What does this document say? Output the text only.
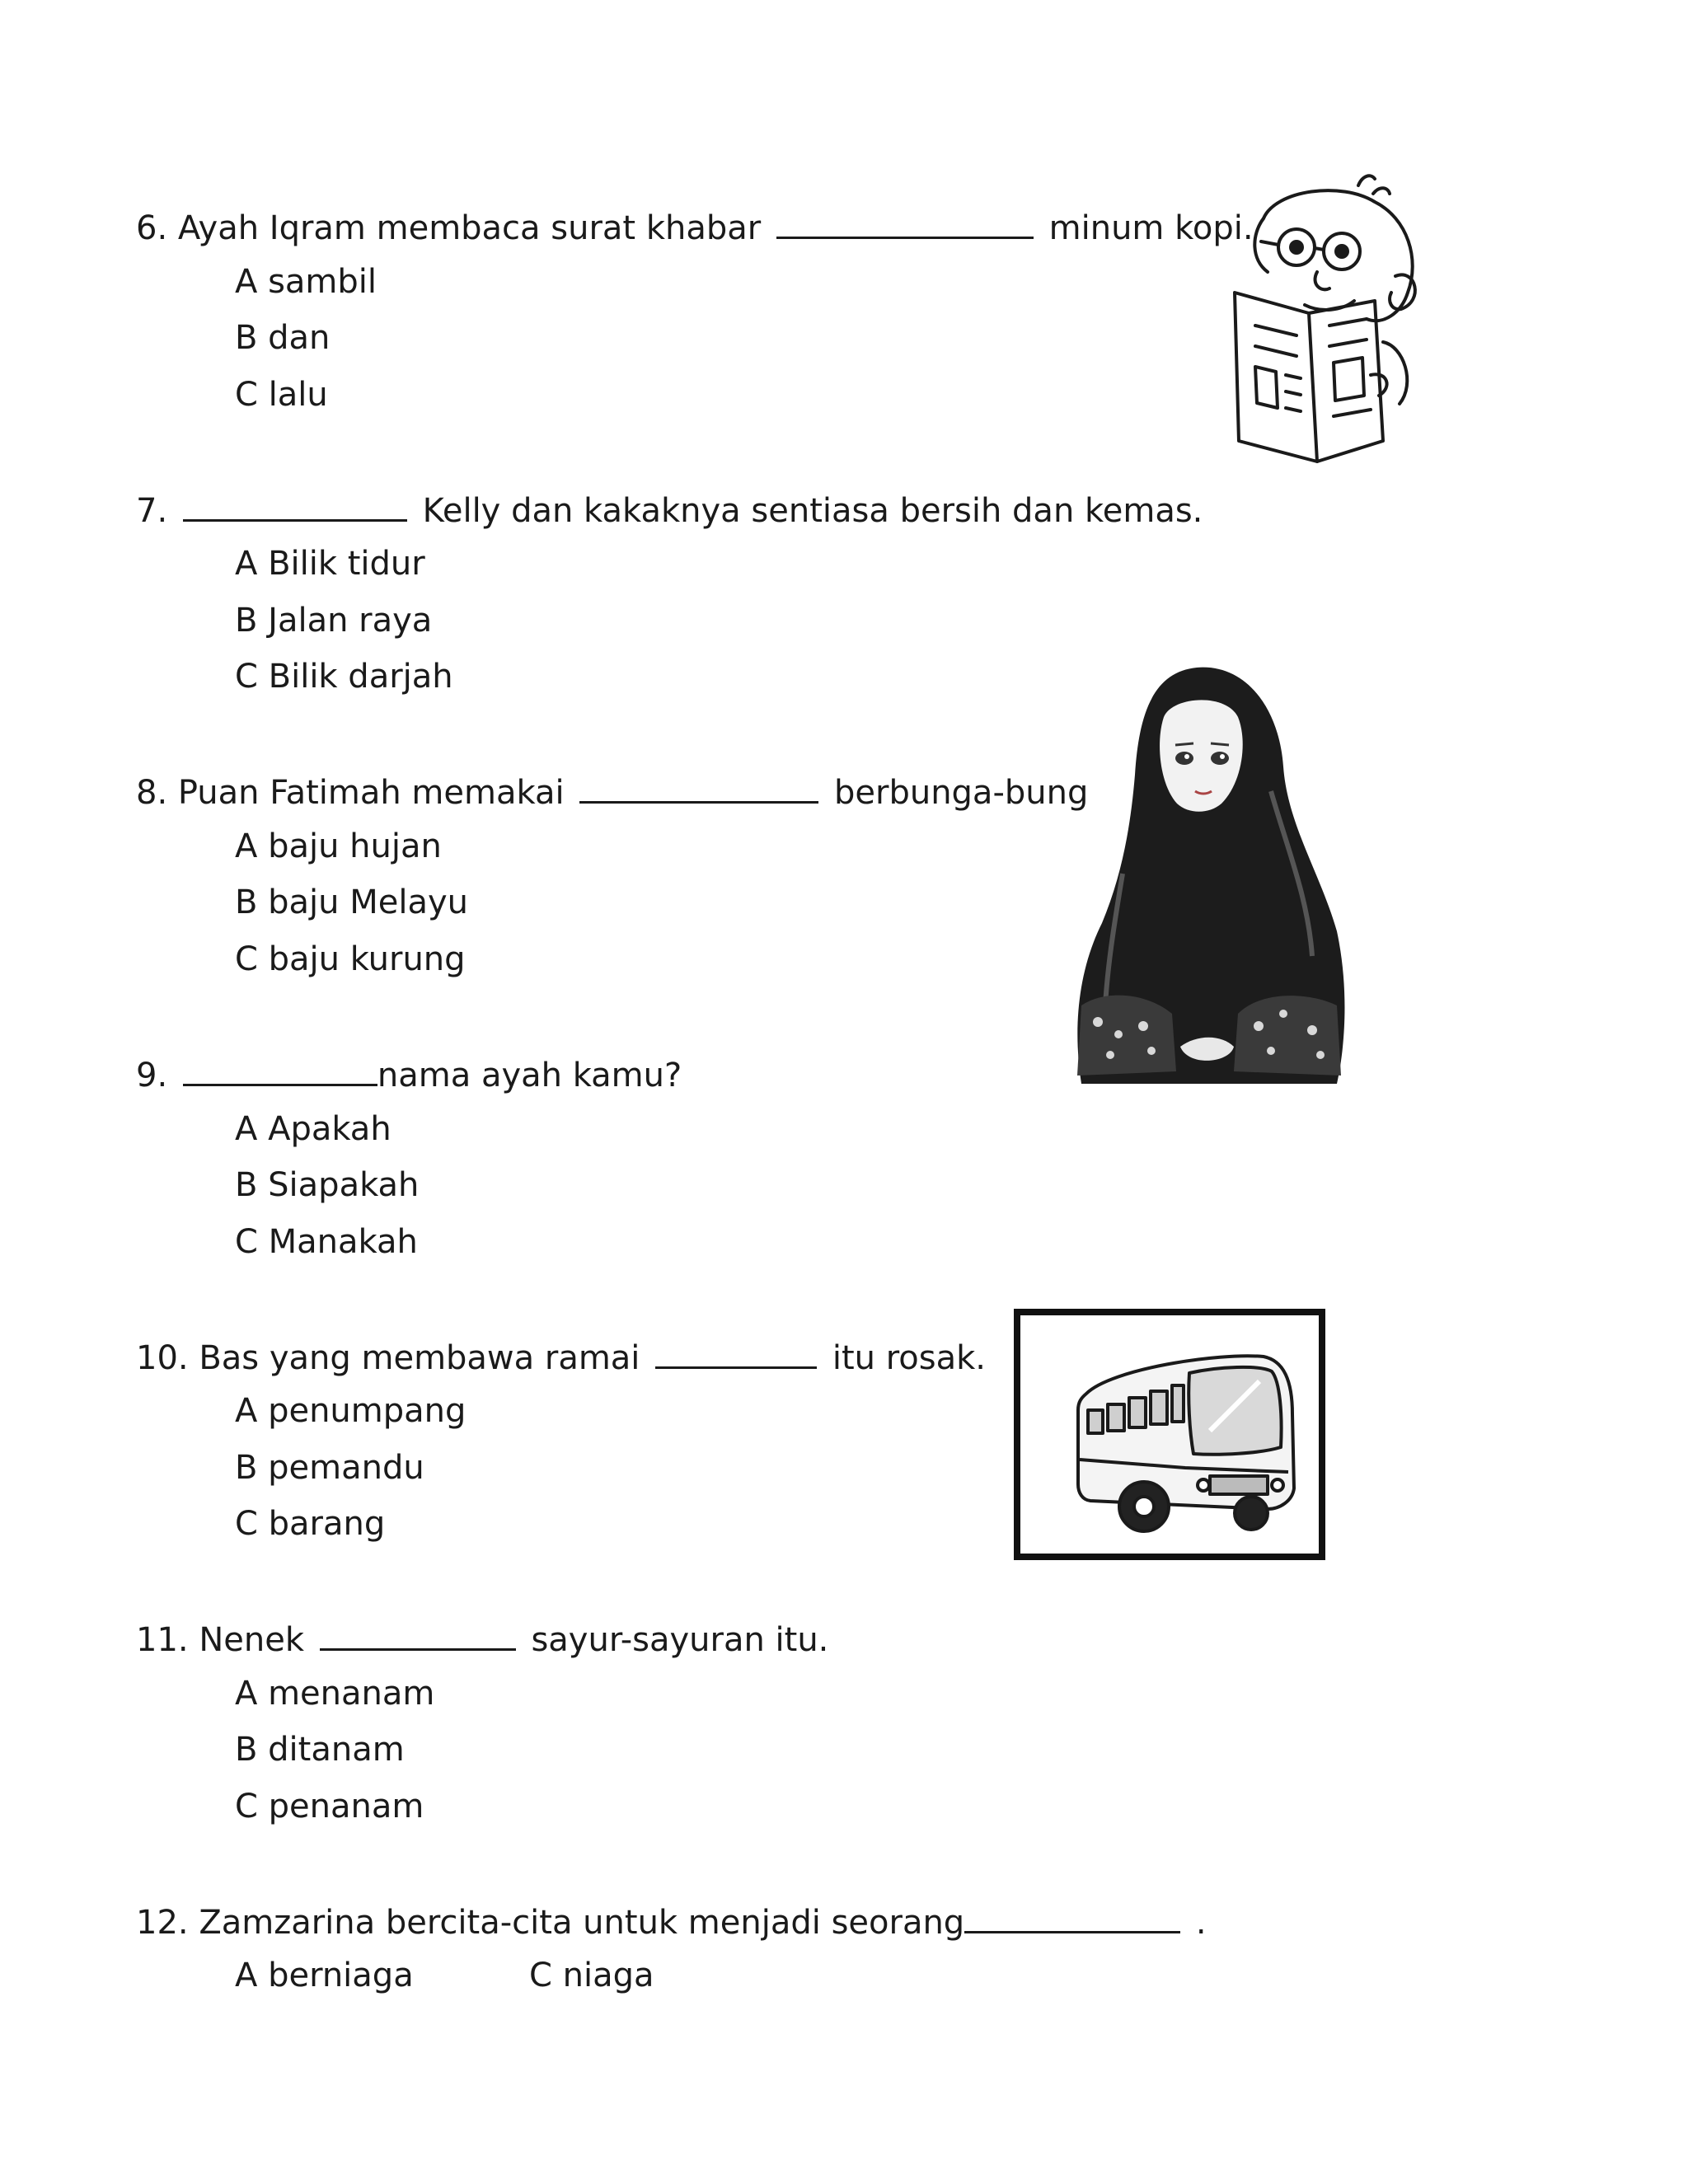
6. Ayah Iqram membaca surat khabar	minum kopi.
A sambil
B dan
C lalu
7.	Kelly dan kakaknya sentiasa bersih dan kemas.
A Bilik tidur
B Jalan raya
C Bilik darjah
8. Puan Fatimah memakai	berbunga-bung
A baju hujan
B baju Melayu
C baju kurung
9.	nama ayah kamu?
A Apakah
B Siapakah
C Manakah
10. Bas yang membawa ramai	itu rosak.
A penumpang
B pemandu
C barang
11. Nenek	sayur-sayuran itu.
A menanam
B ditanam
C penanam
12. Zamzarina bercita-cita untuk menjadi seorang	.
A berniaga	C niaga
